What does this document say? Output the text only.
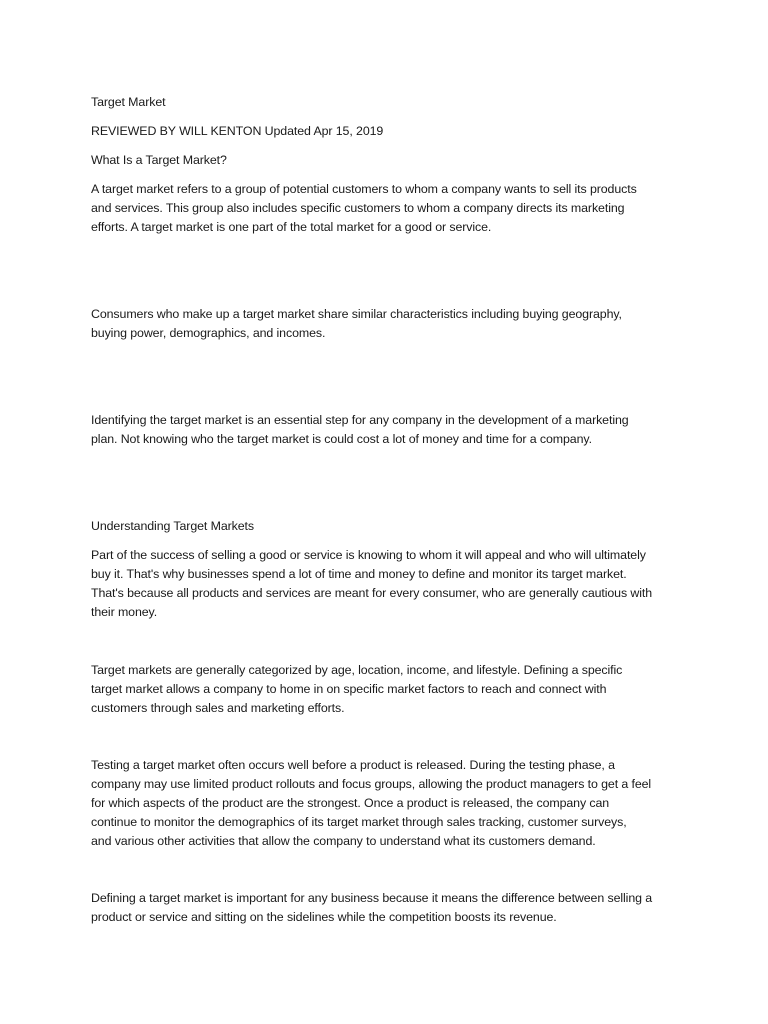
Target Market

REVIEWED BY WILL KENTON Updated Apr 15, 2019

What Is a Target Market?

A target market refers to a group of potential customers to whom a company wants to sell its products
and services. This group also includes specific customers to whom a company directs its marketing
efforts. A target market is one part of the total market for a good or service.
Consumers who make up a target market share similar characteristics including buying geography,
buying power, demographics, and incomes.
Identifying the target market is an essential step for any company in the development of a marketing
plan. Not knowing who the target market is could cost a lot of money and time for a company.

Understanding Target Markets

Part of the success of selling a good or service is knowing to whom it will appeal and who will ultimately
buy it. That's why businesses spend a lot of time and money to define and monitor its target market.
That's because all products and services are meant for every consumer, who are generally cautious with
their money.
Target markets are generally categorized by age, location, income, and lifestyle. Defining a specific
target market allows a company to home in on specific market factors to reach and connect with
customers through sales and marketing efforts.
Testing a target market often occurs well before a product is released. During the testing phase, a
company may use limited product rollouts and focus groups, allowing the product managers to get a feel
for which aspects of the product are the strongest. Once a product is released, the company can
continue to monitor the demographics of its target market through sales tracking, customer surveys,
and various other activities that allow the company to understand what its customers demand.
Defining a target market is important for any business because it means the difference between selling a
product or service and sitting on the sidelines while the competition boosts its revenue.
